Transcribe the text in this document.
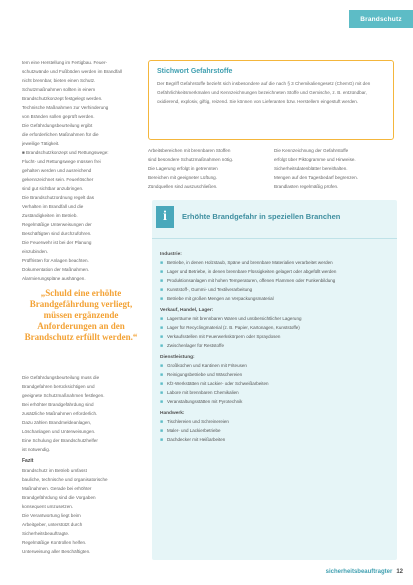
Brandschutz
tem eine Herstellung im Fertigbau. Feuer-
schutzwände und Fußböden werden im Brandfall
nicht brennbar, bieten einen Schutz.
Schutzmaßnahmen sollten in einem
Brandschutzkonzept festgelegt werden.
Technische Maßnahmen zur Verhinderung
von Bränden sollen geprüft werden.
Die Gefährdungsbeurteilung ergibt
die erforderlichen Maßnahmen für die
jeweilige Tätigkeit.
■ Brandschutzkonzept und Rettungswege:
Flucht- und Rettungswege müssen frei
gehalten werden und ausreichend
gekennzeichnet sein. Feuerlöscher
sind gut sichtbar anzubringen.
Die Brandschutzordnung regelt das
Verhalten im Brandfall und die
Zuständigkeiten im Betrieb.
Regelmäßige Unterweisungen der
Beschäftigten sind durchzuführen.
Die Feuerwehr ist bei der Planung
einzubinden.
Prüffristen für Anlagen beachten.
Dokumentation der Maßnahmen.
Alarmierungspläne aushängen.
Stichwort Gefahrstoffe
Der Begriff Gefahrstoffe bezieht sich insbesondere auf die nach § 3 Chemikaliengesetz (ChemG) mit den
Gefährlichkeitsmerkmalen und Kennzeichnungen bezeichneten Stoffe und Gemische, z. B. entzündbar,
oxidierend, explosiv, giftig, reizend. Sie können von Lieferanten bzw. Herstellern eingestuft werden.
Arbeitsbereichen mit brennbaren Stoffen
sind besondere Schutzmaßnahmen nötig.
Die Lagerung erfolgt in getrennten
Bereichen mit geeigneter Lüftung.
Zündquellen sind auszuschließen.
Die Kennzeichnung der Gefahrstoffe
erfolgt über Piktogramme und Hinweise.
Sicherheitsdatenblätter bereithalten.
Mengen auf den Tagesbedarf begrenzen.
Brandlasten regelmäßig prüfen.
„Schuld eine erhöhte Brandgefährdung verliegt, müssen ergänzende Anforderungen an den Brandschutz erfüllt werden.“
Die Gefährdungsbeurteilung muss die
Brandgefahren berücksichtigen und
geeignete Schutzmaßnahmen festlegen.
Bei erhöhter Brandgefährdung sind
zusätzliche Maßnahmen erforderlich.
Dazu zählen Brandmeldeanlagen,
Löschanlagen und Unterweisungen.
Eine Schulung der Brandschutzhelfer
ist notwendig.
Fazit
Brandschutz im Betrieb umfasst
bauliche, technische und organisatorische
Maßnahmen. Gerade bei erhöhter
Brandgefährdung sind die Vorgaben
konsequent umzusetzen.
Die Verantwortung liegt beim
Arbeitgeber, unterstützt durch
Sicherheitsbeauftragte.
Regelmäßige Kontrollen helfen.
Unterweisung aller Beschäftigten.
i	Erhöhte Brandgefahr in speziellen Branchen
Industrie:
■ Betriebe, in denen Holzstaub, Späne und brennbare Materialien verarbeitet werden
■ Lager und Betriebe, in denen brennbare Flüssigkeiten gelagert oder abgefüllt werden
■ Produktionsanlagen mit hohen Temperaturen, offenen Flammen oder Funkenbildung
■ Kunststoff-, Gummi- und Textilverarbeitung
■ Betriebe mit großen Mengen an Verpackungsmaterial
Verkauf, Handel, Lager:
■ Lagerräume mit brennbaren Waren und unübersichtlicher Lagerung
■ Lager für Recyclingmaterial (z. B. Papier, Kartonagen, Kunststoffe)
■ Verkaufsstellen mit Feuerwerkskörpern oder Spraydosen
■ Zwischenlager für Reststoffe
Dienstleistung:
■ Großküchen und Kantinen mit Friteusen
■ Reinigungsbetriebe und Wäschereien
■ Kfz-Werkstätten mit Lackier- oder Schweißarbeiten
■ Labore mit brennbaren Chemikalien
■ Veranstaltungsstätten mit Pyrotechnik
Handwerk:
■ Tischlereien und Schreinereien
■ Maler- und Lackierbetriebe
■ Dachdecker mit Heißarbeiten
sicherheitsbeauftragter 12
